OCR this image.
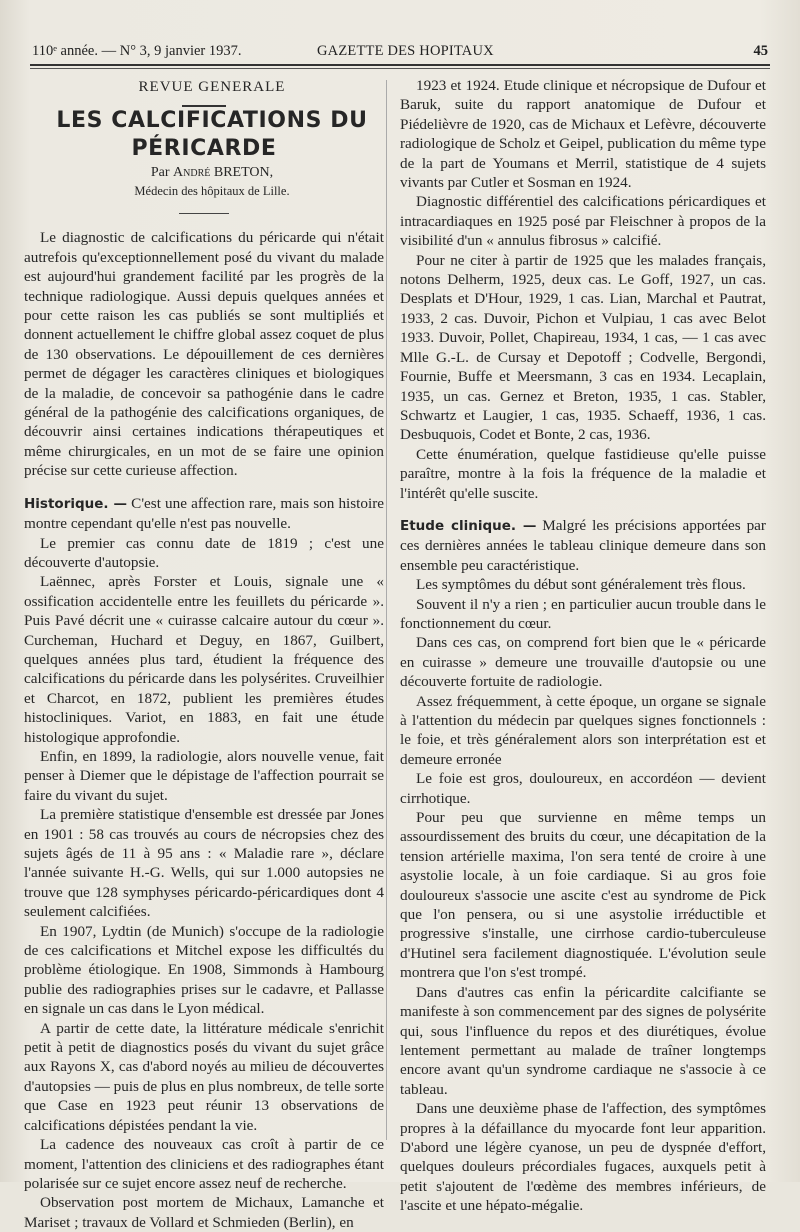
110ᵉ année. — N° 3, 9 janvier 1937.	GAZETTE DES HOPITAUX	45

REVUE GENERALE

LES CALCIFICATIONS DU PÉRICARDE

Par André BRETON,

Médecin des hôpitaux de Lille.

Le diagnostic de calcifications du péricarde qui n'était autrefois qu'exceptionnellement posé du vivant du malade est aujourd'hui grandement facilité par les progrès de la technique radiologique. Aussi depuis quelques années et pour cette raison les cas publiés se sont multipliés et donnent actuellement le chiffre global assez coquet de plus de 130 observations. Le dépouillement de ces dernières permet de dégager les caractères cliniques et biologiques de la maladie, de concevoir sa pathogénie dans le cadre général de la pathogénie des calcifications organiques, de découvrir ainsi certaines indications thérapeutiques et même chirurgicales, en un mot de se faire une opinion précise sur cette curieuse affection.

Historique. — C'est une affection rare, mais son histoire montre cependant qu'elle n'est pas nouvelle.

Le premier cas connu date de 1819 ; c'est une découverte d'autopsie.

Laënnec, après Forster et Louis, signale une « ossification accidentelle entre les feuillets du péricarde ». Puis Pavé décrit une « cuirasse calcaire autour du cœur ». Curcheman, Huchard et Deguy, en 1867, Guilbert, quelques années plus tard, étudient la fréquence des calcifications du péricarde dans les polysérites. Cruveilhier et Charcot, en 1872, publient les premières études histocliniques. Variot, en 1883, en fait une étude histologique approfondie.

Enfin, en 1899, la radiologie, alors nouvelle venue, fait penser à Diemer que le dépistage de l'affection pourrait se faire du vivant du sujet.

La première statistique d'ensemble est dressée par Jones en 1901 : 58 cas trouvés au cours de nécropsies chez des sujets âgés de 11 à 95 ans : « Maladie rare », déclare l'année suivante H.-G. Wells, qui sur 1.000 autopsies ne trouve que 128 symphyses péricardo-péricardiques dont 4 seulement calcifiées.

En 1907, Lydtin (de Munich) s'occupe de la radiologie de ces calcifications et Mitchel expose les difficultés du problème étiologique. En 1908, Simmonds à Hambourg publie des radiographies prises sur le cadavre, et Pallasse en signale un cas dans le Lyon médical.

A partir de cette date, la littérature médicale s'enrichit petit à petit de diagnostics posés du vivant du sujet grâce aux Rayons X, cas d'abord noyés au milieu de découvertes d'autopsies — puis de plus en plus nombreux, de telle sorte que Case en 1923 peut réunir 13 observations de calcifications dépistées pendant la vie.

La cadence des nouveaux cas croît à partir de ce moment, l'attention des cliniciens et des radiographes étant polarisée sur ce sujet encore assez neuf de recherche.

Observation post mortem de Michaux, Lamanche et Mariset ; travaux de Vollard et Schmieden (Berlin), en

1923 et 1924. Etude clinique et nécropsique de Dufour et Baruk, suite du rapport anatomique de Dufour et Piédelièvre de 1920, cas de Michaux et Lefèvre, découverte radiologique de Scholz et Geipel, publication du même type de la part de Youmans et Merril, statistique de 4 sujets vivants par Cutler et Sosman en 1924.

Diagnostic différentiel des calcifications péricardiques et intracardiaques en 1925 posé par Fleischner à propos de la visibilité d'un « annulus fibrosus » calcifié.

Pour ne citer à partir de 1925 que les malades français, notons Delherm, 1925, deux cas. Le Goff, 1927, un cas. Desplats et D'Hour, 1929, 1 cas. Lian, Marchal et Pautrat, 1933, 2 cas. Duvoir, Pichon et Vulpiau, 1 cas avec Belot 1933. Duvoir, Pollet, Chapireau, 1934, 1 cas, — 1 cas avec Mlle G.-L. de Cursay et Depotoff ; Codvelle, Bergondi, Fournie, Buffe et Meersmann, 3 cas en 1934. Lecaplain, 1935, un cas. Gernez et Breton, 1935, 1 cas. Stabler, Schwartz et Laugier, 1 cas, 1935. Schaeff, 1936, 1 cas. Desbuquois, Codet et Bonte, 2 cas, 1936.

Cette énumération, quelque fastidieuse qu'elle puisse paraître, montre à la fois la fréquence de la maladie et l'intérêt qu'elle suscite.

Etude clinique. — Malgré les précisions apportées par ces dernières années le tableau clinique demeure dans son ensemble peu caractéristique.

Les symptômes du début sont généralement très flous.

Souvent il n'y a rien ; en particulier aucun trouble dans le fonctionnement du cœur.

Dans ces cas, on comprend fort bien que le « péricarde en cuirasse » demeure une trouvaille d'autopsie ou une découverte fortuite de radiologie.

Assez fréquemment, à cette époque, un organe se signale à l'attention du médecin par quelques signes fonctionnels : le foie, et très généralement alors son interprétation est et demeure erronée

Le foie est gros, douloureux, en accordéon — devient cirrhotique.

Pour peu que survienne en même temps un assourdissement des bruits du cœur, une décapitation de la tension artérielle maxima, l'on sera tenté de croire à une asystolie locale, à un foie cardiaque. Si au gros foie douloureux s'associe une ascite c'est au syndrome de Pick que l'on pensera, ou si une asystolie irréductible et progressive s'installe, une cirrhose cardio-tuberculeuse d'Hutinel sera facilement diagnostiquée. L'évolution seule montrera que l'on s'est trompé.

Dans d'autres cas enfin la péricardite calcifiante se manifeste à son commencement par des signes de polysérite qui, sous l'influence du repos et des diurétiques, évolue lentement permettant au malade de traîner longtemps encore avant qu'un syndrome cardiaque ne s'associe à ce tableau.

Dans une deuxième phase de l'affection, des symptômes propres à la défaillance du myocarde font leur apparition. D'abord une légère cyanose, un peu de dyspnée d'effort, quelques douleurs précordiales fugaces, auxquels petit à petit s'ajoutent de l'œdème des membres inférieurs, de l'ascite et une hépato-mégalie.
